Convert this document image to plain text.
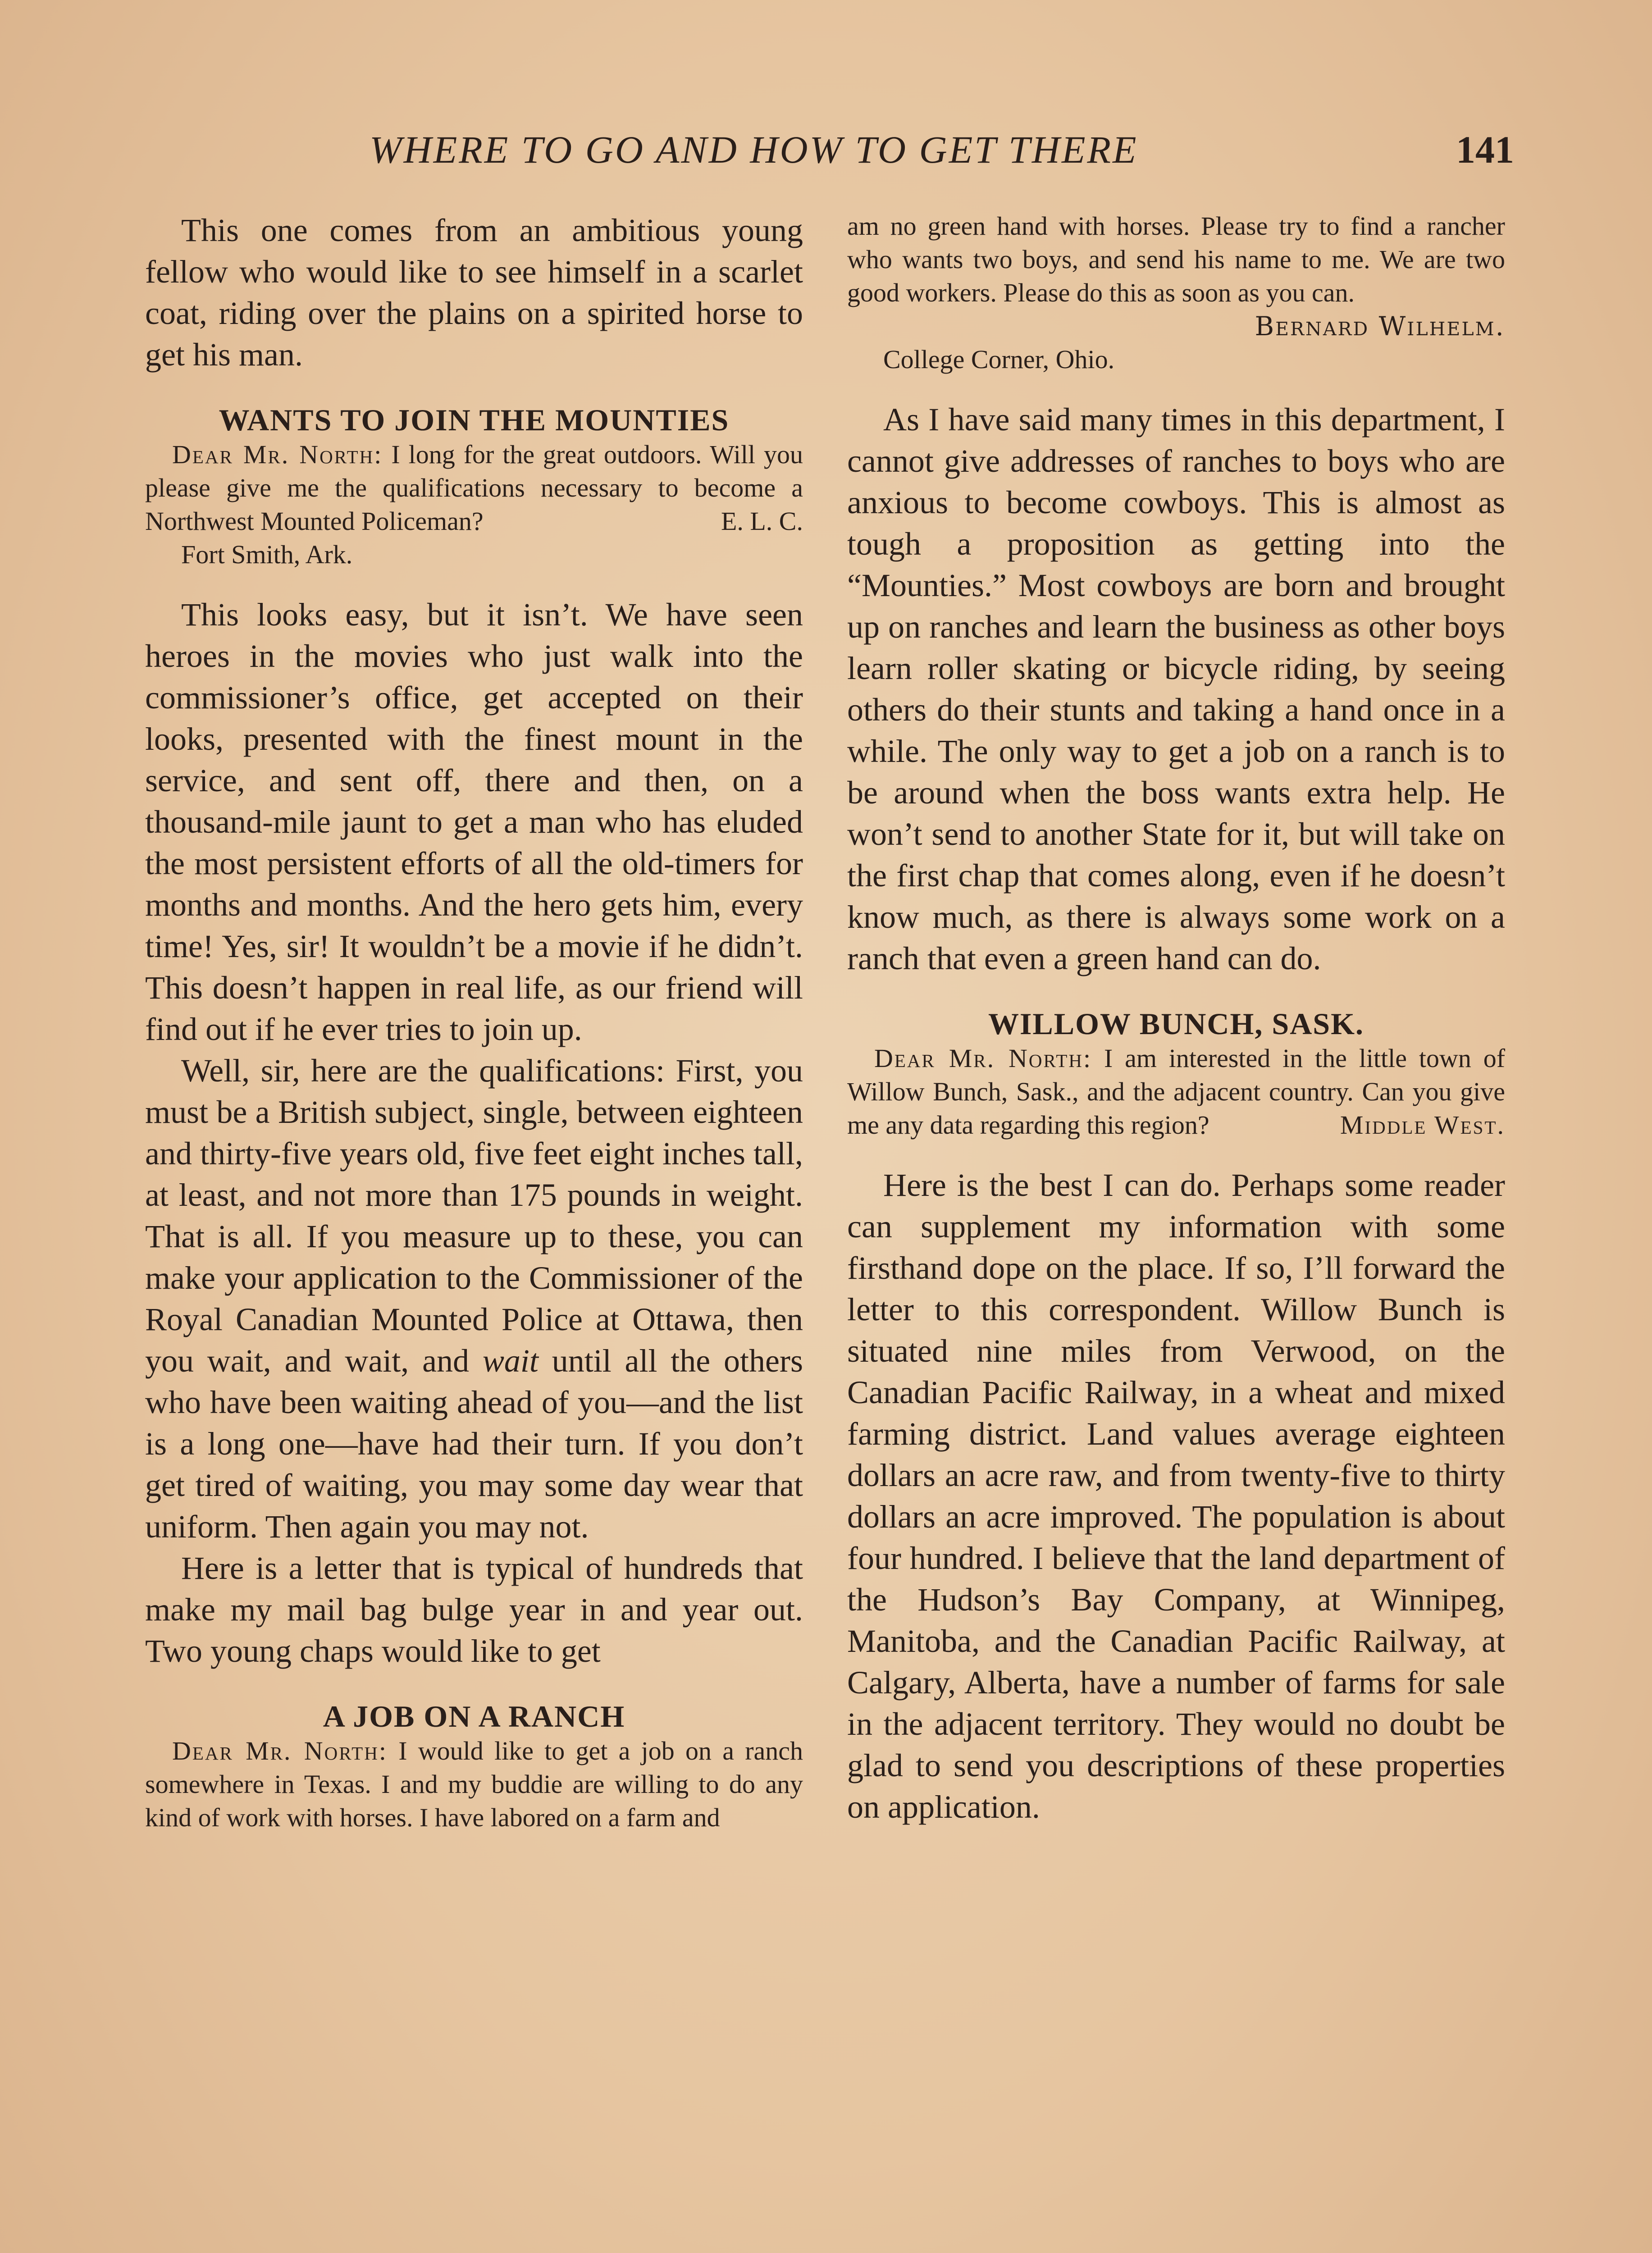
WHERE TO GO AND HOW TO GET THERE	141

This one comes from an ambitious young fellow who would like to see himself in a scarlet coat, riding over the plains on a spirited horse to get his man.

WANTS TO JOIN THE MOUNTIES

Dear Mr. North: I long for the great outdoors. Will you please give me the qualifications necessary to become a Northwest Mounted Policeman?	E. L. C.

Fort Smith, Ark.

This looks easy, but it isn’t. We have seen heroes in the movies who just walk into the commissioner’s office, get accepted on their looks, presented with the finest mount in the service, and sent off, there and then, on a thousand-mile jaunt to get a man who has eluded the most persistent efforts of all the old-timers for months and months. And the hero gets him, every time! Yes, sir! It wouldn’t be a movie if he didn’t. This doesn’t happen in real life, as our friend will find out if he ever tries to join up.

Well, sir, here are the qualifications: First, you must be a British subject, single, between eighteen and thirty-five years old, five feet eight inches tall, at least, and not more than 175 pounds in weight. That is all. If you measure up to these, you can make your application to the Commissioner of the Royal Canadian Mounted Police at Ottawa, then you wait, and wait, and wait until all the others who have been waiting ahead of you—and the list is a long one—have had their turn. If you don’t get tired of waiting, you may some day wear that uniform. Then again you may not.

Here is a letter that is typical of hundreds that make my mail bag bulge year in and year out. Two young chaps would like to get

A JOB ON A RANCH

Dear Mr. North: I would like to get a job on a ranch somewhere in Texas. I and my buddie are willing to do any kind of work with horses. I have labored on a farm and

am no green hand with horses. Please try to find a rancher who wants two boys, and send his name to me. We are two good workers. Please do this as soon as you can.

Bernard Wilhelm.

College Corner, Ohio.

As I have said many times in this department, I cannot give addresses of ranches to boys who are anxious to become cowboys. This is almost as tough a proposition as getting into the “Mounties.” Most cowboys are born and brought up on ranches and learn the business as other boys learn roller skating or bicycle riding, by seeing others do their stunts and taking a hand once in a while. The only way to get a job on a ranch is to be around when the boss wants extra help. He won’t send to another State for it, but will take on the first chap that comes along, even if he doesn’t know much, as there is always some work on a ranch that even a green hand can do.

WILLOW BUNCH, SASK.

Dear Mr. North: I am interested in the little town of Willow Bunch, Sask., and the adjacent country. Can you give me any data regarding this region?	Middle West.

Here is the best I can do. Perhaps some reader can supplement my information with some firsthand dope on the place. If so, I’ll forward the letter to this correspondent. Willow Bunch is situated nine miles from Verwood, on the Canadian Pacific Railway, in a wheat and mixed farming district. Land values average eighteen dollars an acre raw, and from twenty-five to thirty dollars an acre improved. The population is about four hundred. I believe that the land department of the Hudson’s Bay Company, at Winnipeg, Manitoba, and the Canadian Pacific Railway, at Calgary, Alberta, have a number of farms for sale in the adjacent territory. They would no doubt be glad to send you descriptions of these properties on application.
